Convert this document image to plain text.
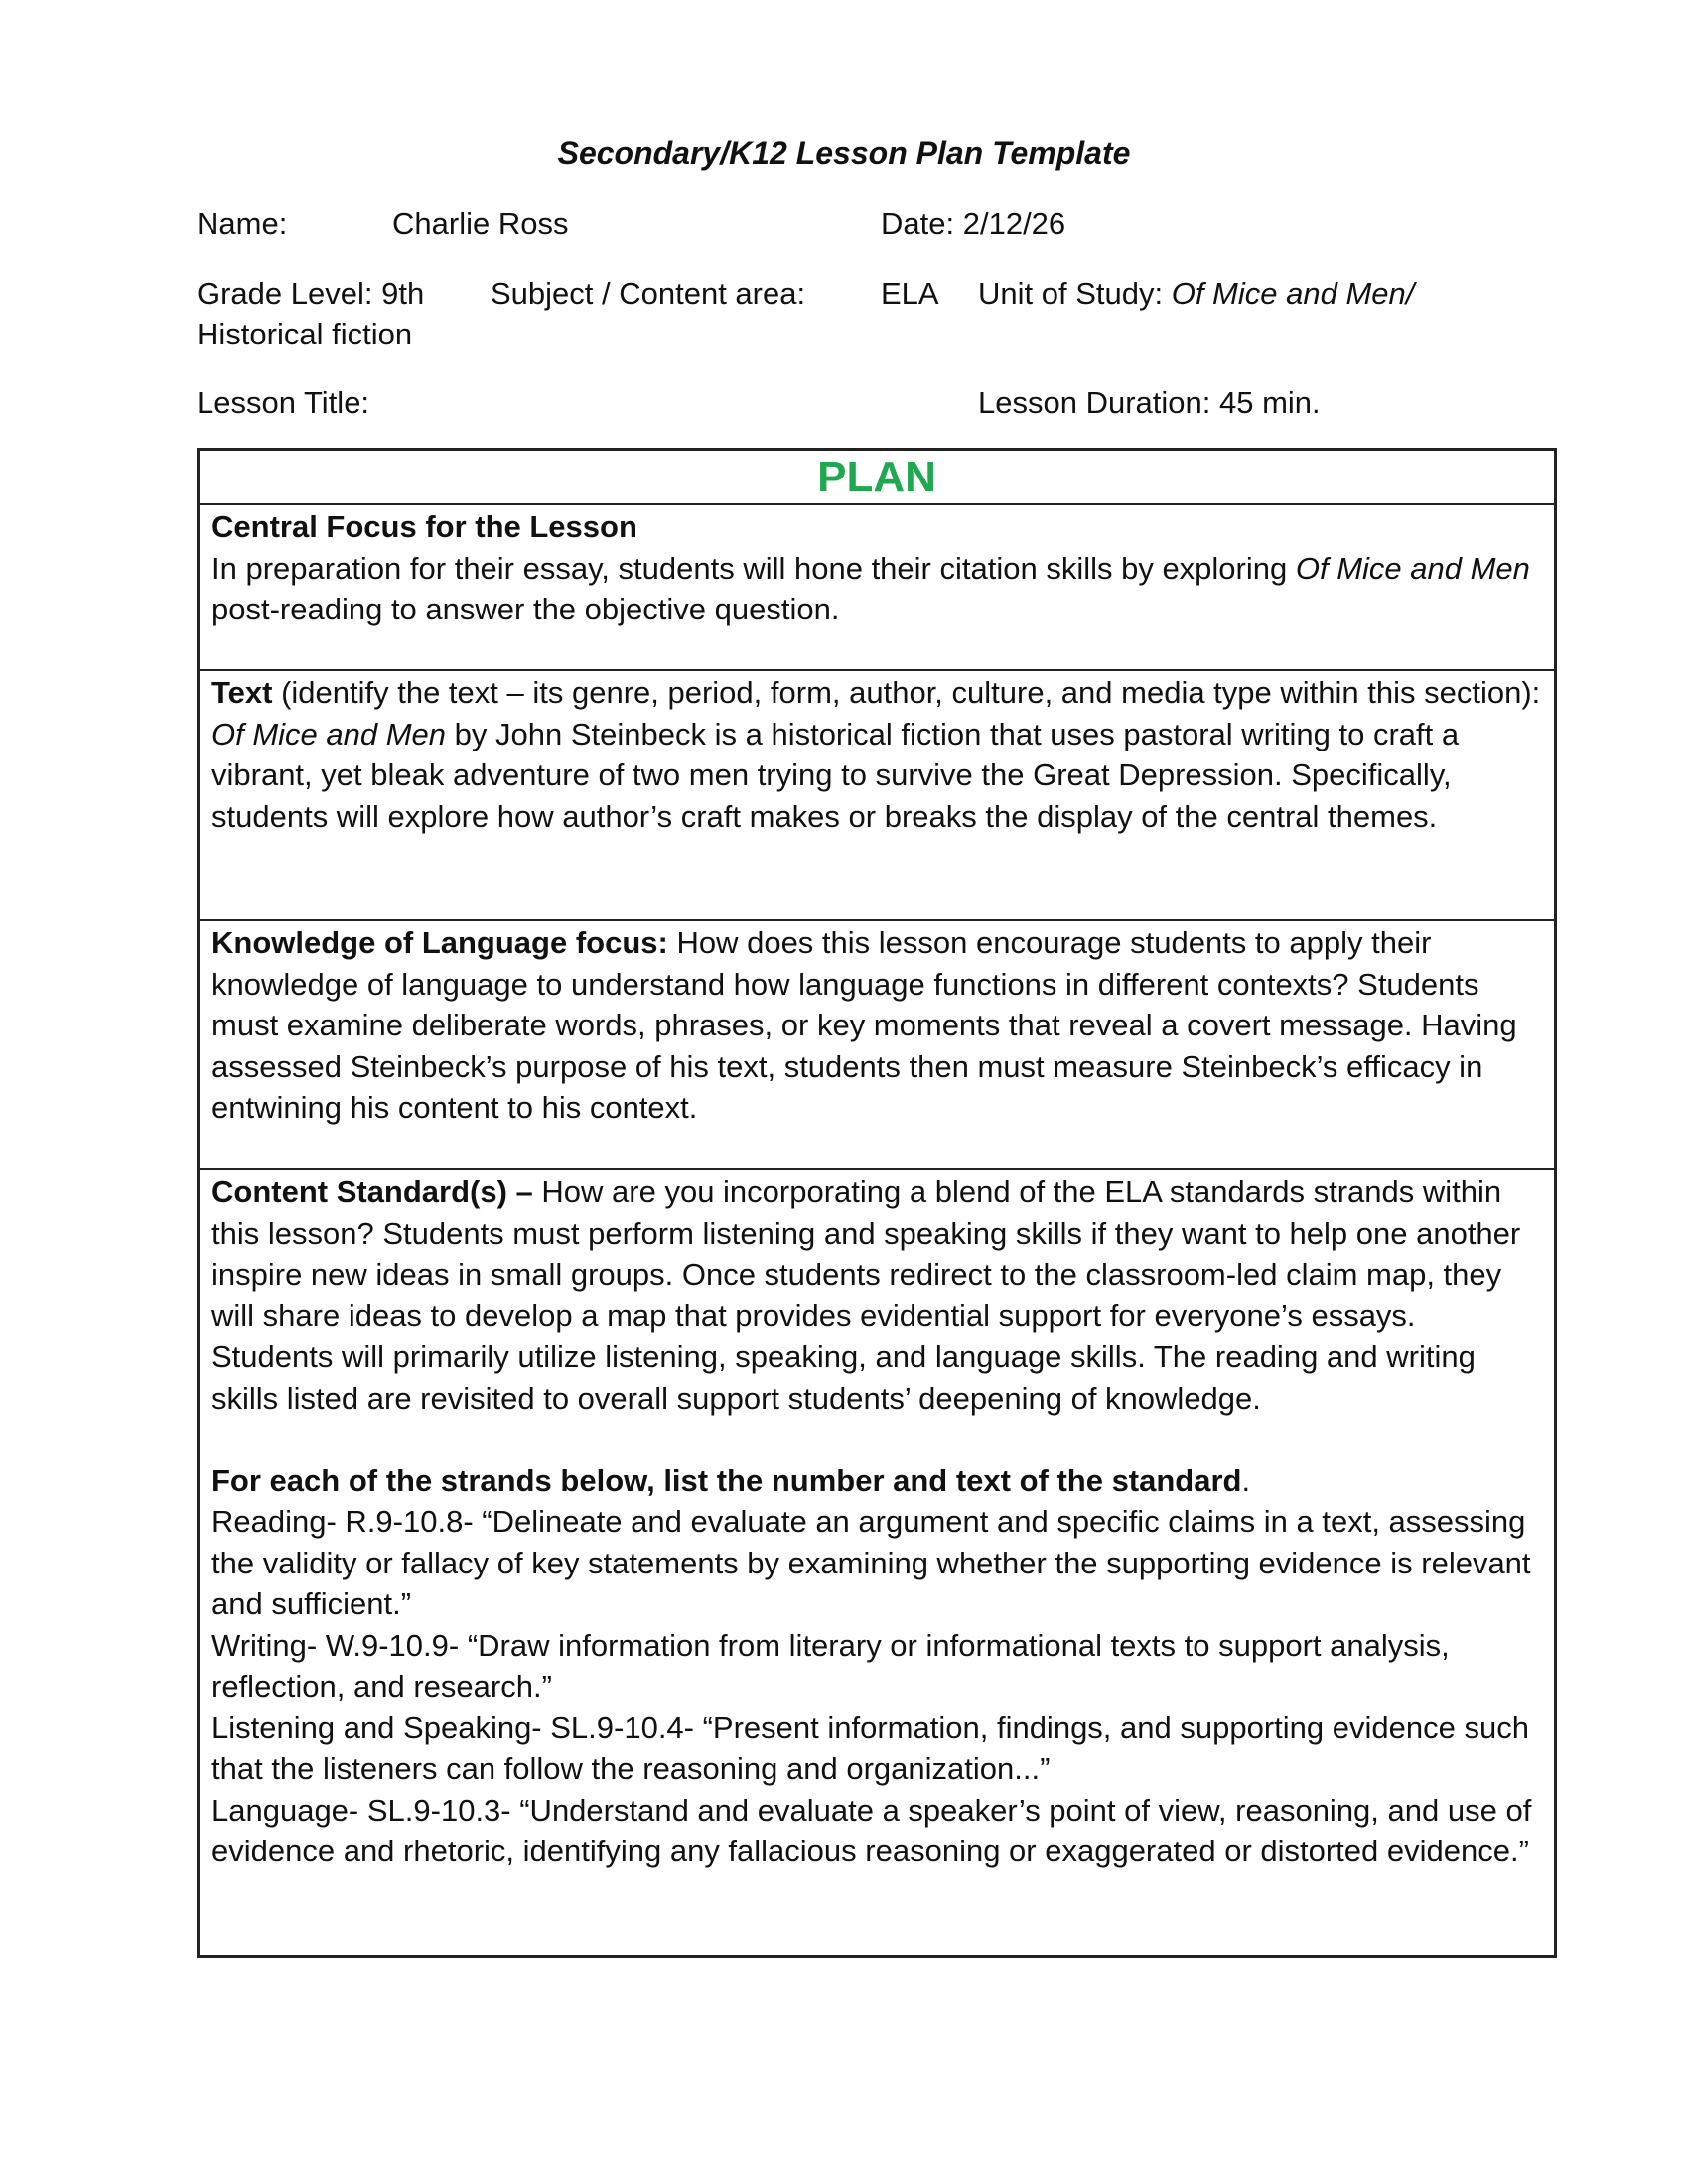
Secondary/K12 Lesson Plan Template
Name:	Charlie Ross	Date: 2/12/26
Grade Level: 9th Subject / Content area: ELA Unit of Study: Of Mice and Men/
Historical fiction
Lesson Title:	Lesson Duration: 45 min.
PLAN

Central Focus for the Lesson

In preparation for their essay, students will hone their citation skills by exploring Of Mice and Men post-reading to answer the objective question.

Text (identify the text – its genre, period, form, author, culture, and media type within this section): Of Mice and Men by John Steinbeck is a historical fiction that uses pastoral writing to craft a vibrant, yet bleak adventure of two men trying to survive the Great Depression. Specifically, students will explore how author’s craft makes or breaks the display of the central themes.

Knowledge of Language focus: How does this lesson encourage students to apply their knowledge of language to understand how language functions in different contexts? Students must examine deliberate words, phrases, or key moments that reveal a covert message. Having assessed Steinbeck’s purpose of his text, students then must measure Steinbeck’s efficacy in entwining his content to his context.

Content Standard(s) – How are you incorporating a blend of the ELA standards strands within this lesson? Students must perform listening and speaking skills if they want to help one another inspire new ideas in small groups. Once students redirect to the classroom-led claim map, they will share ideas to develop a map that provides evidential support for everyone’s essays. Students will primarily utilize listening, speaking, and language skills. The reading and writing skills listed are revisited to overall support students’ deepening of knowledge.

For each of the strands below, list the number and text of the standard.

Reading- R.9-10.8- “Delineate and evaluate an argument and specific claims in a text, assessing the validity or fallacy of key statements by examining whether the supporting evidence is relevant and sufficient.”

Writing- W.9-10.9- “Draw information from literary or informational texts to support analysis, reflection, and research.”

Listening and Speaking- SL.9-10.4- “Present information, findings, and supporting evidence such that the listeners can follow the reasoning and organization...”

Language- SL.9-10.3- “Understand and evaluate a speaker’s point of view, reasoning, and use of evidence and rhetoric, identifying any fallacious reasoning or exaggerated or distorted evidence.”
